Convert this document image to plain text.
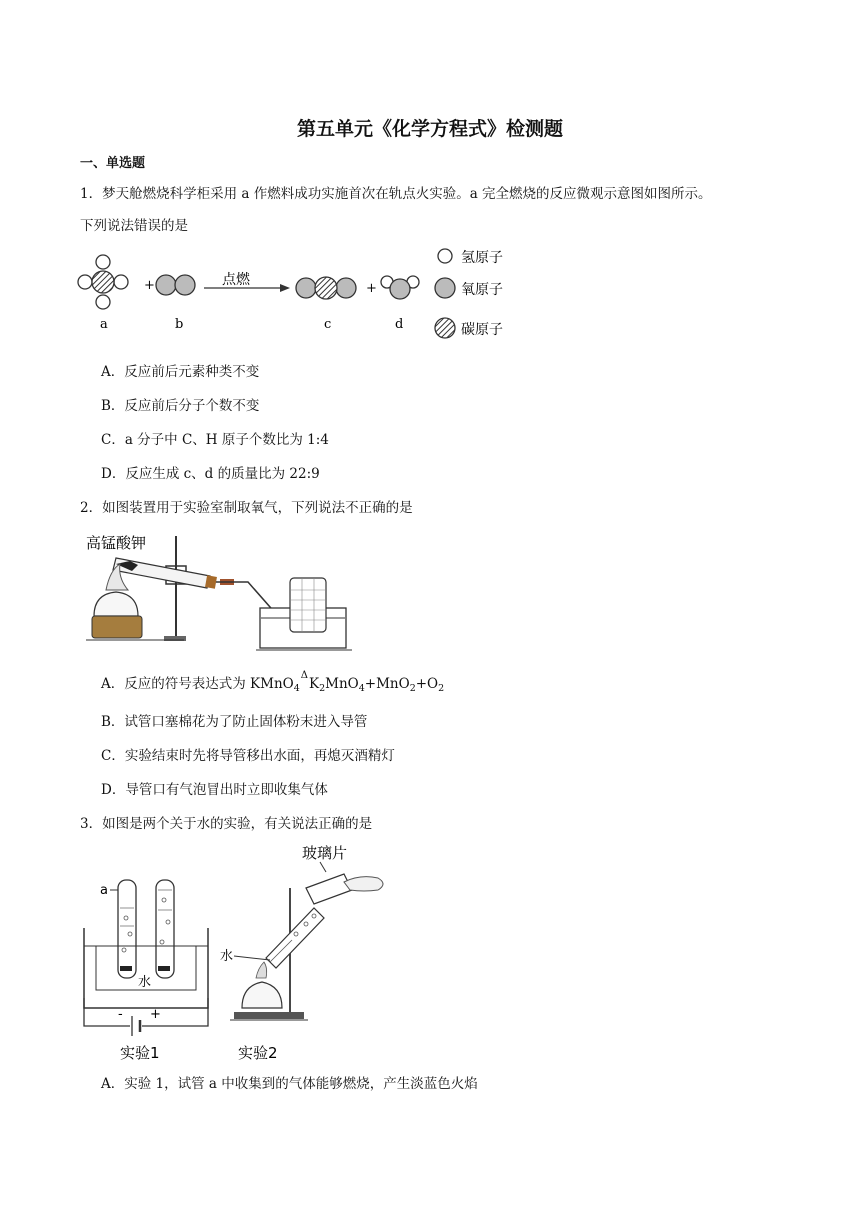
第五单元《化学方程式》检测题
一、单选题
1．梦天舱燃烧科学柜采用 a 作燃料成功实施首次在轨点火实验。a 完全燃烧的反应微观示意图如图所示。
下列说法错误的是
+	点燃
+
a	b	c	d
氢原子
氧原子
碳原子
A．反应前后元素种类不变
B．反应前后分子个数不变
C．a 分子中 C、H 原子个数比为 1:4
D．反应生成 c、d 的质量比为 22:9
2．如图装置用于实验室制取氧气，下列说法不正确的是
高锰酸钾
A．反应的符号表达式为 $KMnO_4^\Delta K_2MnO_4+MnO_2+O_2$
B．试管口塞棉花为了防止固体粉末进入导管
C．实验结束时先将导管移出水面，再熄灭酒精灯
D．导管口有气泡冒出时立即收集气体
3．如图是两个关于水的实验，有关说法正确的是
a
水
- +
实验1
玻璃片
水
实验2
A．实验 1，试管 a 中收集到的气体能够燃烧，产生淡蓝色火焰
